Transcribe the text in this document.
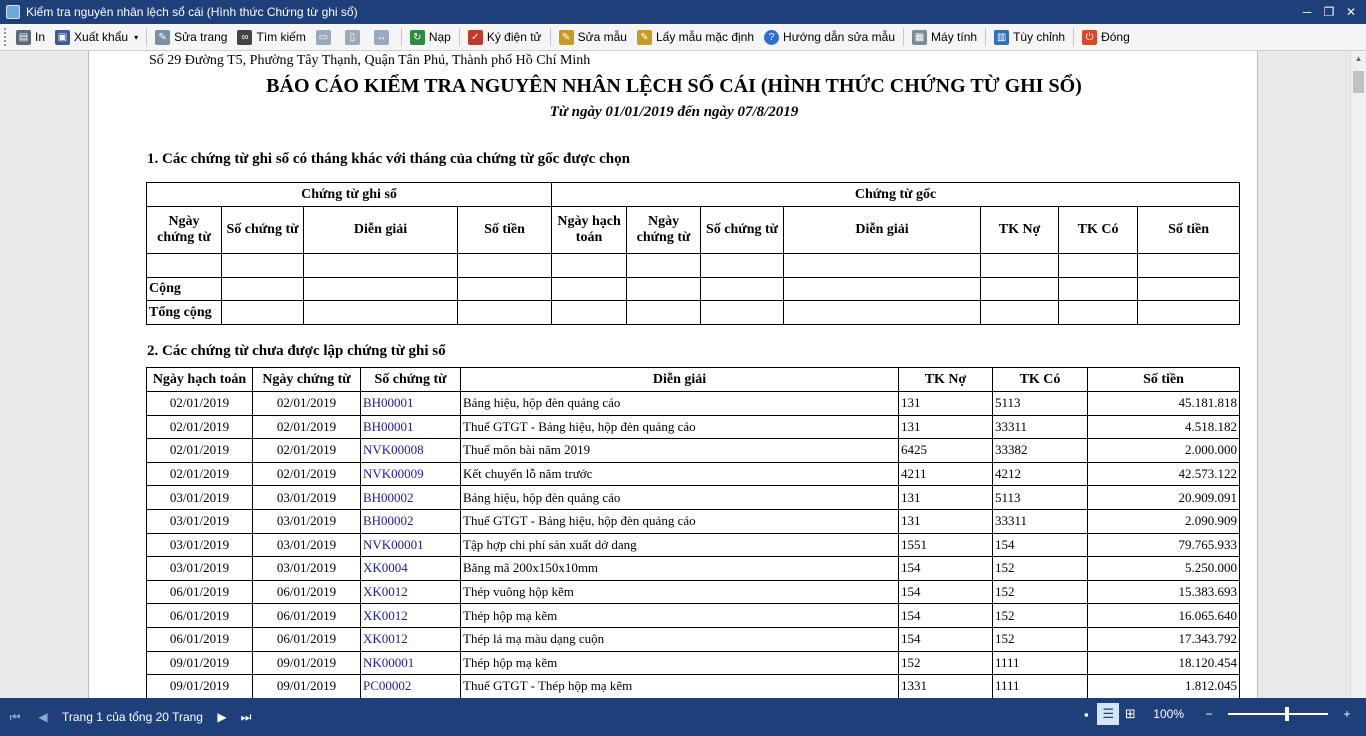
Kiểm tra nguyên nhân lệch sổ cái (Hình thức Chứng từ ghi sổ)	─	❐ ✕
▤ In ▣ Xuất khẩu ▾	✎ Sửa trang	∞ Tìm kiếm ▭	▯	↔	↻ Nạp	✓ Ký điện tử	✎ Sửa mẫu	✎ Lấy mẫu mặc định	? Hướng dẫn sửa mẫu ▦ Máy tính ▥ Tùy chỉnh	⏻ Đóng
Số 29 Đường T5, Phường Tây Thạnh, Quận Tân Phú, Thành phố Hồ Chí Minh
BÁO CÁO KIỂM TRA NGUYÊN NHÂN LỆCH SỔ CÁI (HÌNH THỨC CHỨNG TỪ GHI SỔ)
Từ ngày 01/01/2019 đến ngày 07/8/2019
1. Các chứng từ ghi sổ có tháng khác với tháng của chứng từ gốc được chọn
Chứng từ ghi sổ				Chứng từ gốc						
Ngày chứng từ	Số chứng từ	Diễn giải	Số tiền	Ngày hạch toán	Ngày chứng từ	Số chứng từ	Diễn giải	TK Nợ	TK Có	Số tiền

Cộng										
Tổng cộng										
2. Các chứng từ chưa được lập chứng từ ghi sổ
Ngày hạch toán	Ngày chứng từ	Số chứng từ	Diễn giải	TK Nợ	TK Có	Số tiền
02/01/2019	02/01/2019	BH00001	Bảng hiệu, hộp đèn quảng cáo	131	5113	45.181.818
02/01/2019	02/01/2019	BH00001	Thuế GTGT - Bảng hiệu, hộp đèn quảng cáo	131	33311	4.518.182
02/01/2019	02/01/2019	NVK00008	Thuế môn bài năm 2019	6425	33382	2.000.000
02/01/2019	02/01/2019	NVK00009	Kết chuyển lỗ năm trước	4211	4212	42.573.122
03/01/2019	03/01/2019	BH00002	Bảng hiệu, hộp đèn quảng cáo	131	5113	20.909.091
03/01/2019	03/01/2019	BH00002	Thuế GTGT - Bảng hiệu, hộp đèn quảng cáo	131	33311	2.090.909
03/01/2019	03/01/2019	NVK00001	Tập hợp chi phí sản xuất dở dang	1551	154	79.765.933
03/01/2019	03/01/2019	XK0004	Băng mã 200x150x10mm	154	152	5.250.000
06/01/2019	06/01/2019	XK0012	Thép vuông hộp kẽm	154	152	15.383.693
06/01/2019	06/01/2019	XK0012	Thép hộp mạ kẽm	154	152	16.065.640
06/01/2019	06/01/2019	XK0012	Thép lá mạ màu dạng cuộn	154	152	17.343.792
09/01/2019	09/01/2019	NK00001	Thép hộp mạ kẽm	152	1111	18.120.454
09/01/2019	09/01/2019	PC00002	Thuế GTGT - Thép hộp mạ kẽm	1331	1111	1.812.045
▲
⏮	◀	Trang 1 của tổng 20 Trang	▶	⏭	▪	☰ ⊞	100%	−	+
